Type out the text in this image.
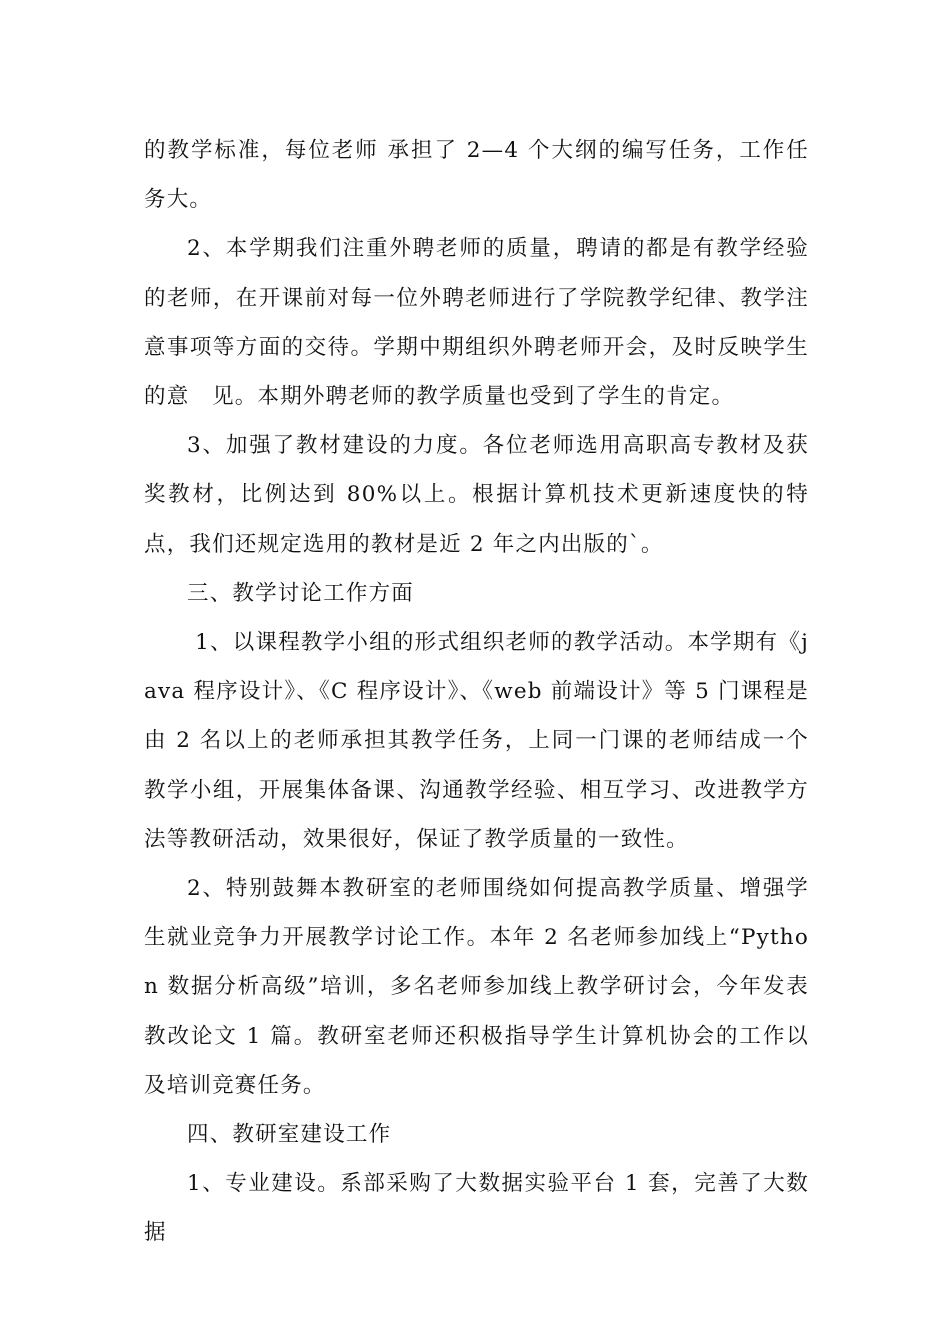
的教学标准，每位老师 承担了 2—4 个大纲的编写任务，工作任务大。

2、本学期我们注重外聘老师的质量，聘请的都是有教学经验的老师，在开课前对每一位外聘老师进行了学院教学纪律、教学注意事项等方面的交待。学期中期组织外聘老师开会，及时反映学生的意　见。本期外聘老师的教学质量也受到了学生的肯定。

3、加强了教材建设的力度。各位老师选用高职高专教材及获奖教材，比例达到 80%以上。根据计算机技术更新速度快的特点，我们还规定选用的教材是近 2 年之内出版的`。

三、教学讨论工作方面

1、以课程教学小组的形式组织老师的教学活动。本学期有《java 程序设计》、《C 程序设计》、《web 前端设计》等 5 门课程是由 2 名以上的老师承担其教学任务，上同一门课的老师结成一个教学小组，开展集体备课、沟通教学经验、相互学习、改进教学方法等教研活动，效果很好，保证了教学质量的一致性。

2、特别鼓舞本教研室的老师围绕如何提高教学质量、增强学生就业竞争力开展教学讨论工作。本年 2 名老师参加线上“Python 数据分析高级”培训，多名老师参加线上教学研讨会，今年发表教改论文 1 篇。教研室老师还积极指导学生计算机协会的工作以及培训竞赛任务。

四、教研室建设工作

1、专业建设。系部采购了大数据实验平台 1 套，完善了大数据
